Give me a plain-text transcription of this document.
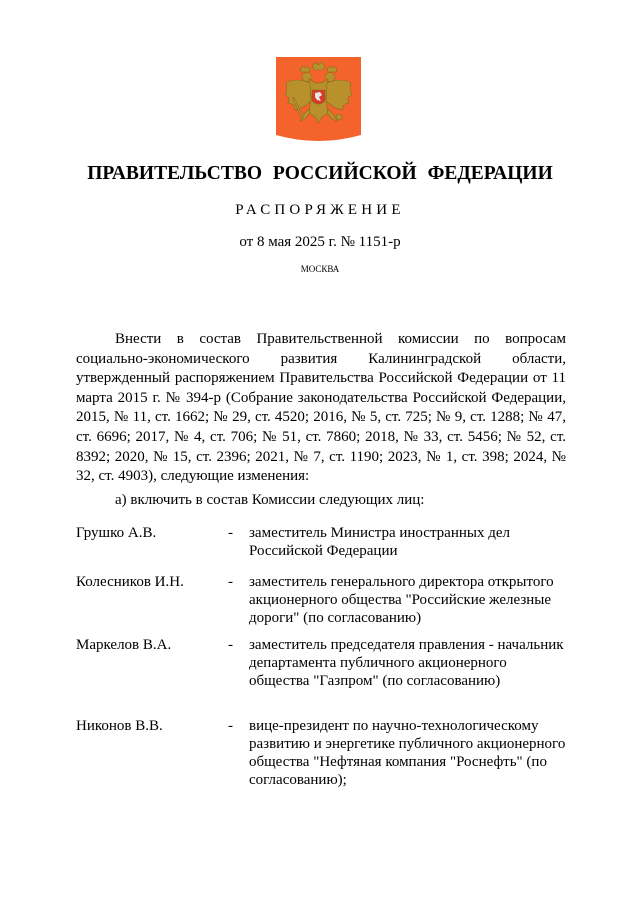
ПРАВИТЕЛЬСТВО РОССИЙСКОЙ ФЕДЕРАЦИИ
РАСПОРЯЖЕНИЕ
от 8 мая 2025 г. № 1151-р
МОСКВА

Внести в состав Правительственной комиссии по вопросам социально-экономического развития Калининградской области, утвержденный распоряжением Правительства Российской Федерации от 11 марта 2015 г. № 394-р (Собрание законодательства Российской Федерации, 2015, № 11, ст. 1662; № 29, ст. 4520; 2016, № 5, ст. 725; № 9, ст. 1288; № 47, ст. 6696; 2017, № 4, ст. 706; № 51, ст. 7860; 2018, № 33, ст. 5456; № 52, ст. 8392; 2020, № 15, ст. 2396; 2021, № 7, ст. 1190; 2023, № 1, ст. 398; 2024, № 32, ст. 4903), следующие изменения:

а) включить в состав Комиссии следующих лиц:

Грушко А.В.	- заместитель Министра иностранных дел Российской Федерации
Колесников И.Н.	- заместитель генерального директора открытого акционерного общества "Российские железные дороги" (по согласованию)
Маркелов В.А.	- заместитель председателя правления - начальник департамента публичного акционерного общества "Газпром" (по согласованию)
Никонов В.В.	- вице-президент по научно-технологическому развитию и энергетике публичного акционерного общества "Нефтяная компания "Роснефть" (по согласованию);
